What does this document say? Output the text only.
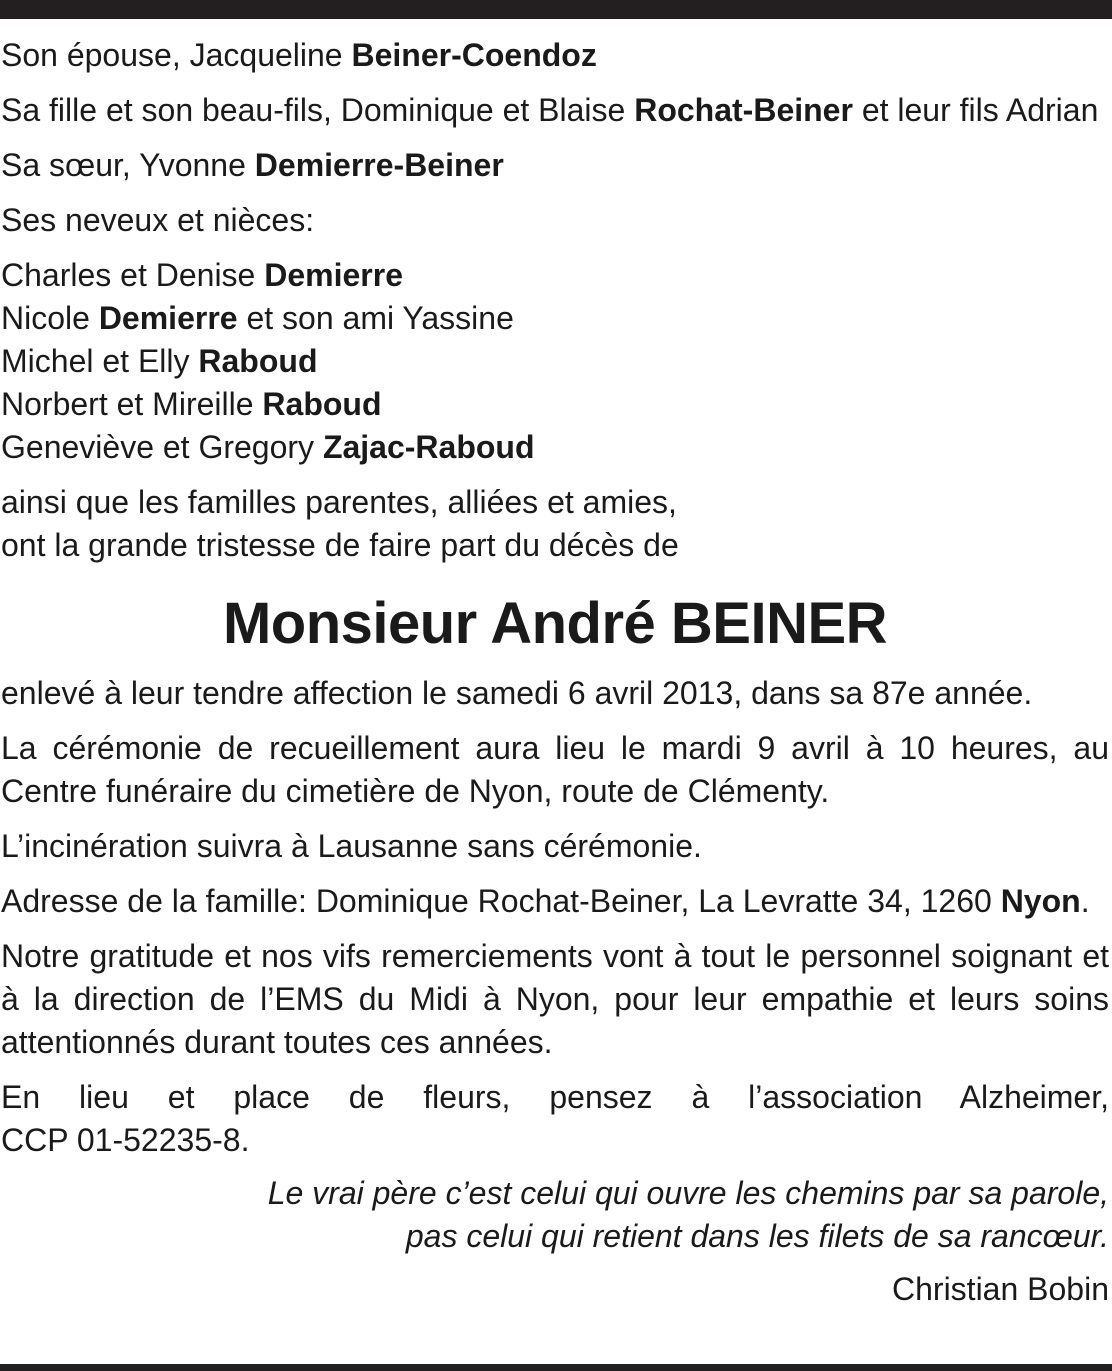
Son épouse, Jacqueline Beiner-Coendoz

Sa fille et son beau-fils, Dominique et Blaise Rochat-Beiner et leur fils Adrian

Sa sœur, Yvonne Demierre-Beiner

Ses neveux et nièces:

Charles et Denise Demierre

Nicole Demierre et son ami Yassine

Michel et Elly Raboud

Norbert et Mireille Raboud

Geneviève et Gregory Zajac-Raboud

ainsi que les familles parentes, alliées et amies,

ont la grande tristesse de faire part du décès de

Monsieur André BEINER

enlevé à leur tendre affection le samedi 6 avril 2013, dans sa 87e année.

La cérémonie de recueillement aura lieu le mardi 9 avril à 10 heures, au Centre funéraire du cimetière de Nyon, route de Clémenty.

L’incinération suivra à Lausanne sans cérémonie.

Adresse de la famille: Dominique Rochat-Beiner, La Levratte 34, 1260 Nyon.

Notre gratitude et nos vifs remerciements vont à tout le personnel soignant et à la direction de l’EMS du Midi à Nyon, pour leur empathie et leurs soins attentionnés durant toutes ces années.

En lieu et place de fleurs, pensez à l’association Alzheimer,

CCP 01-52235-8.

Le vrai père c’est celui qui ouvre les chemins par sa parole,

pas celui qui retient dans les filets de sa rancœur.

Christian Bobin
